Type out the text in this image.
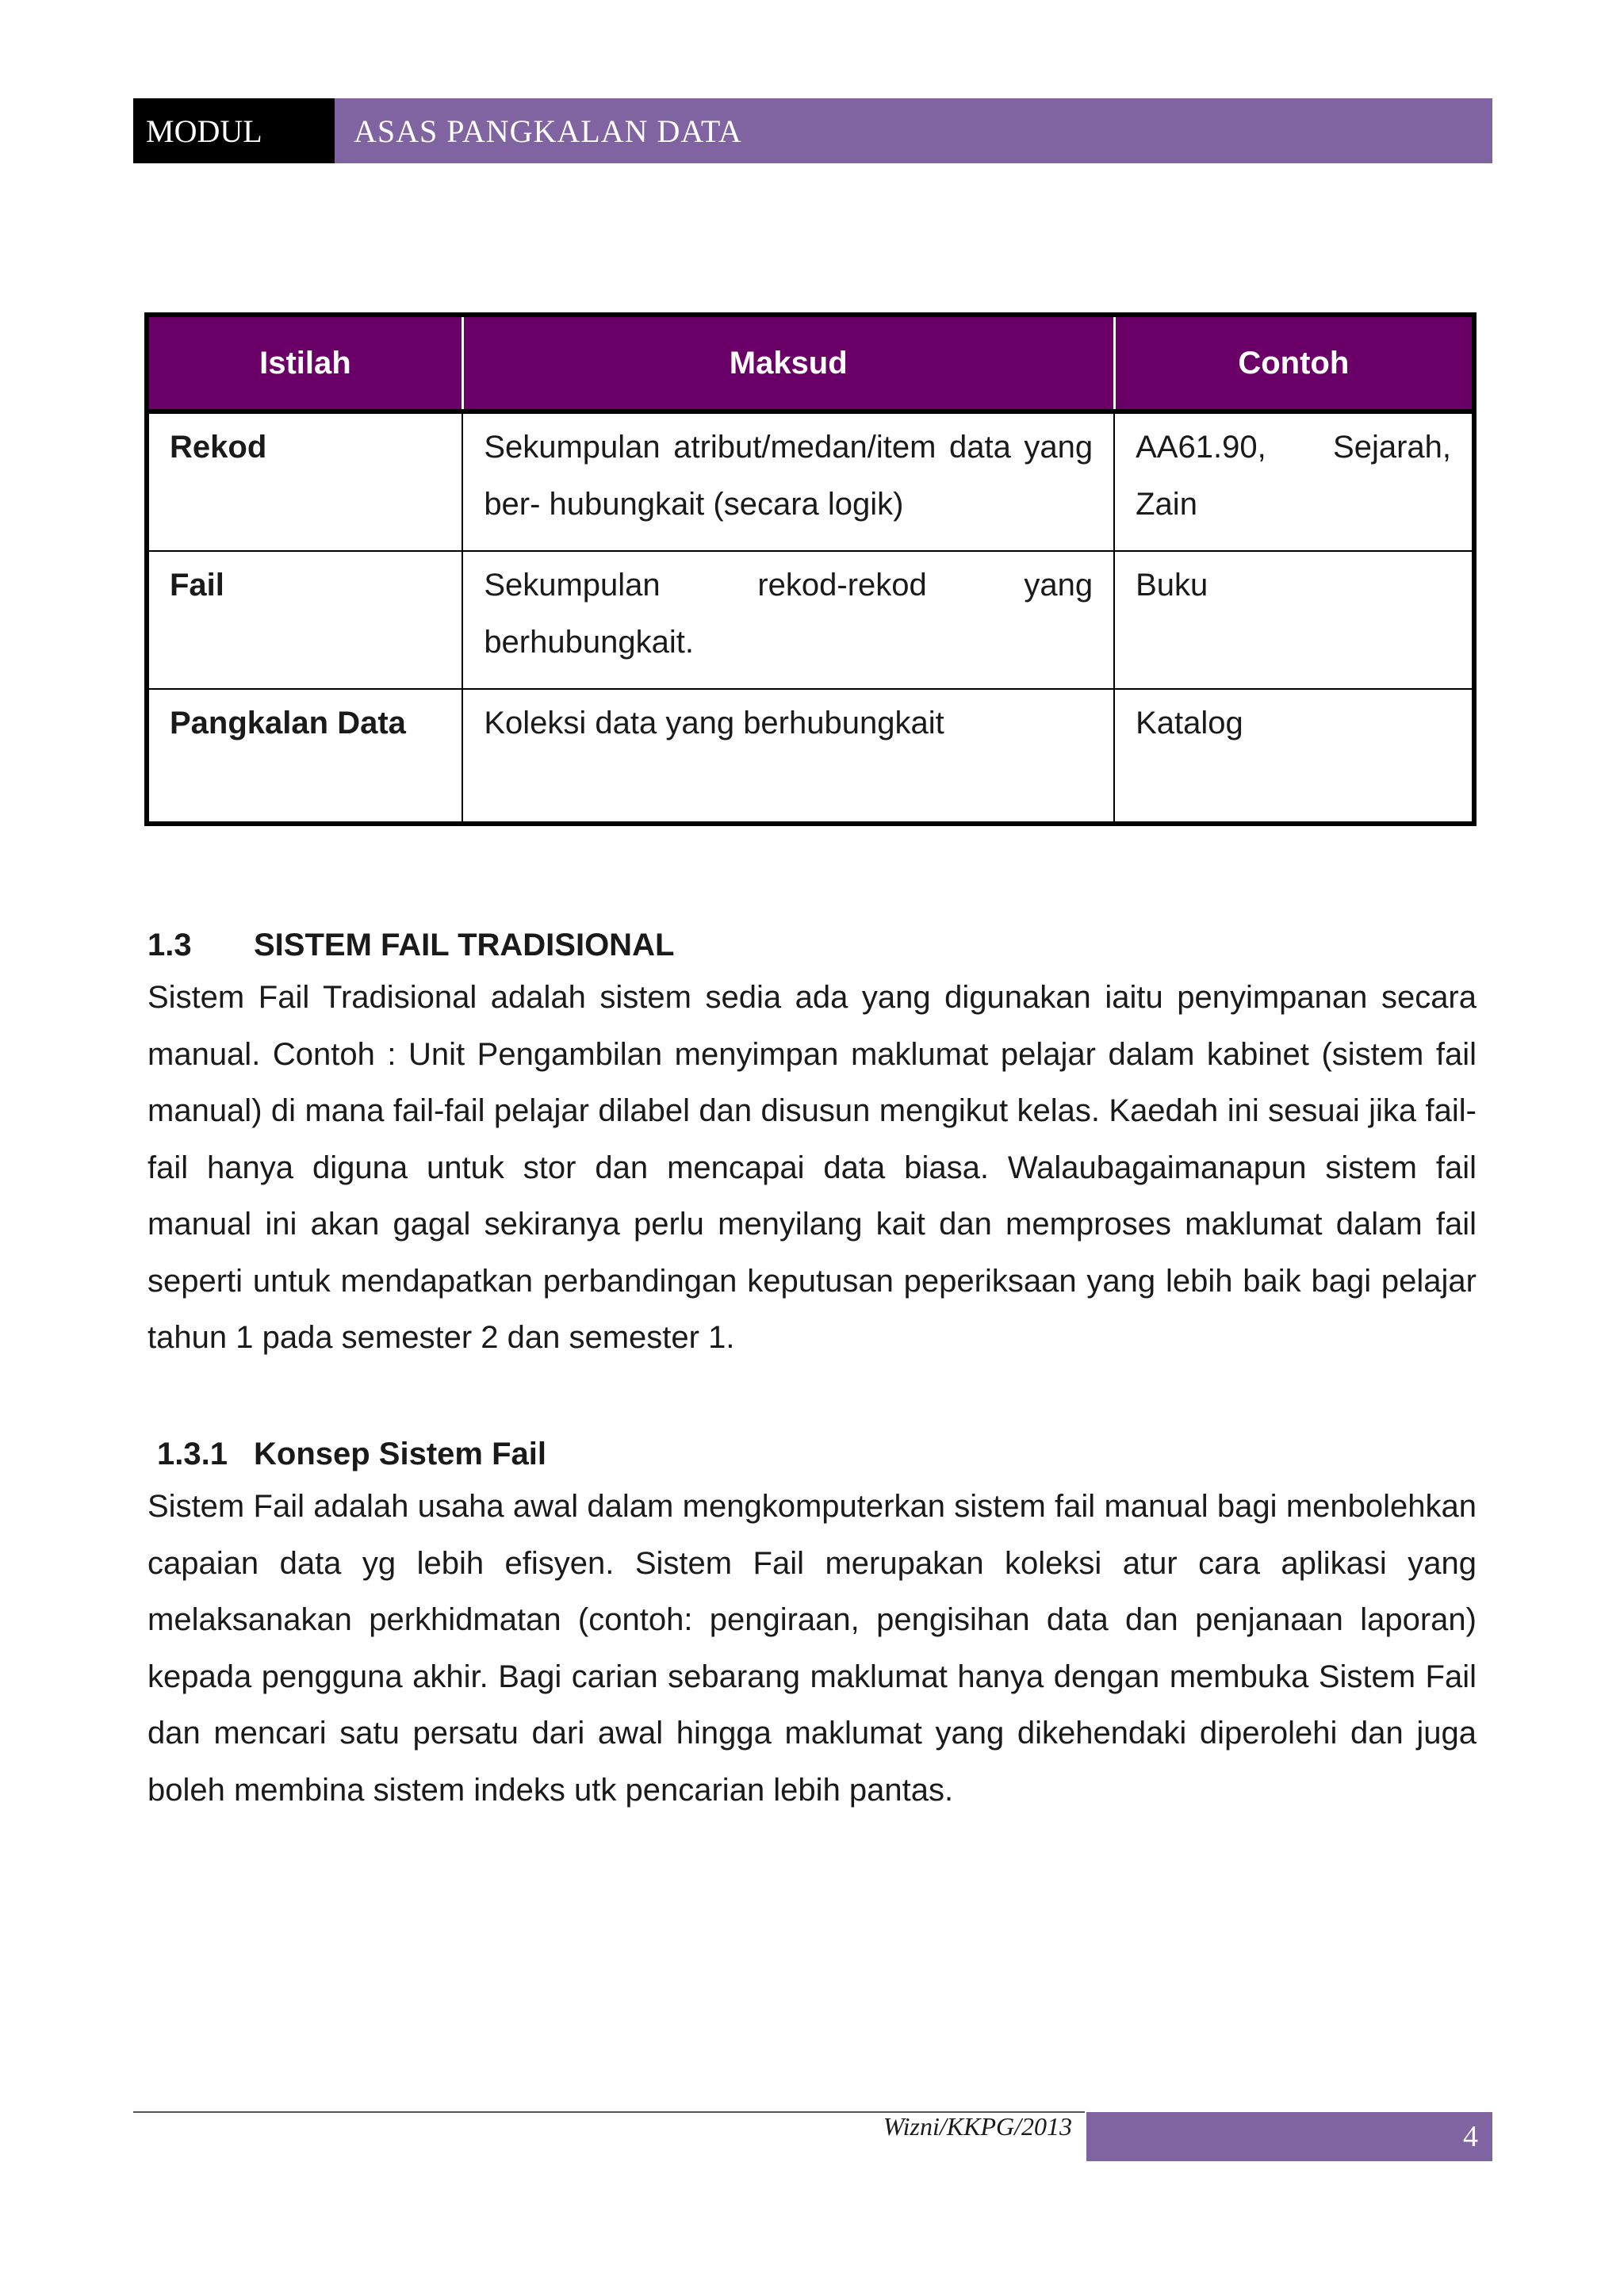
MODUL	ASAS PANGKALAN DATA
Istilah	Maksud	Contoh
Rekod	Sekumpulan atribut/medan/item data yang ber- hubungkait (secara logik)	AA61.90, Sejarah, Zain
Fail	Sekumpulan rekod-rekod yang berhubungkait.	Buku
Pangkalan Data	Koleksi data yang berhubungkait	Katalog
1.3	SISTEM FAIL TRADISIONAL
Sistem Fail Tradisional adalah sistem sedia ada yang digunakan iaitu penyimpanan secara manual. Contoh : Unit Pengambilan menyimpan maklumat pelajar dalam kabinet (sistem fail manual) di mana fail-fail pelajar dilabel dan disusun mengikut kelas. Kaedah ini sesuai jika fail-fail hanya diguna untuk stor dan mencapai data biasa. Walaubagaimanapun sistem fail manual ini akan gagal sekiranya perlu menyilang kait dan memproses maklumat dalam fail seperti untuk mendapatkan perbandingan keputusan peperiksaan yang lebih baik bagi pelajar tahun 1 pada semester 2 dan semester 1.
1.3.1 Konsep Sistem Fail
Sistem Fail adalah usaha awal dalam mengkomputerkan sistem fail manual bagi menbolehkan capaian data yg lebih efisyen. Sistem Fail merupakan koleksi atur cara aplikasi yang melaksanakan perkhidmatan (contoh: pengiraan, pengisihan data dan penjanaan laporan) kepada pengguna akhir. Bagi carian sebarang maklumat hanya dengan membuka Sistem Fail dan mencari satu persatu dari awal hingga maklumat yang dikehendaki diperolehi dan juga boleh membina sistem indeks utk pencarian lebih pantas.
Wizni/KKPG/2013	4
